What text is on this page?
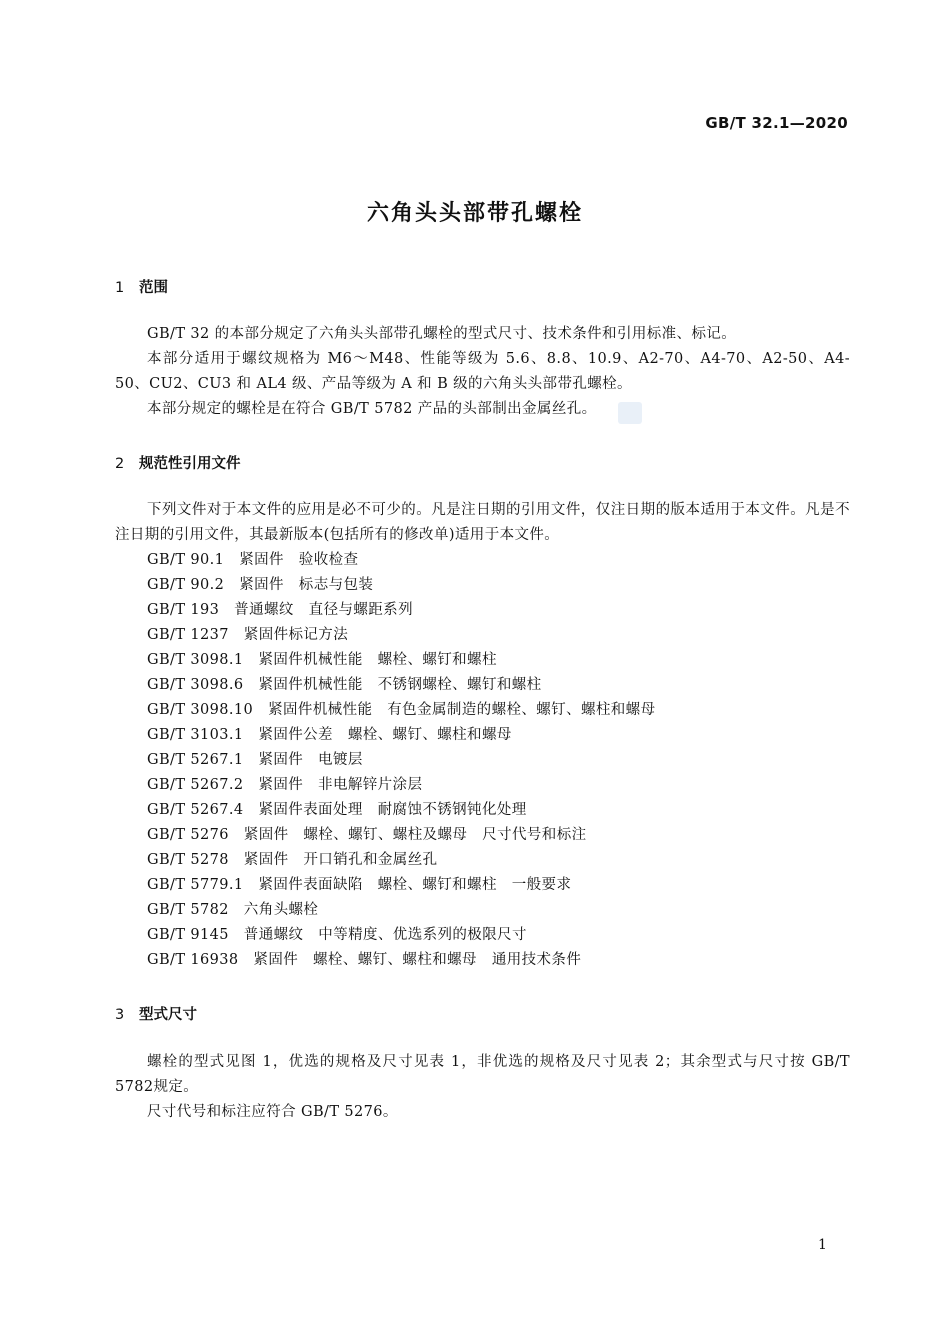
GB/T 32.1—2020
六角头头部带孔螺栓
1 范围
GB/T 32 的本部分规定了六角头头部带孔螺栓的型式尺寸、技术条件和引用标准、标记。
本部分适用于螺纹规格为 M6～M48、性能等级为 5.6、8.8、10.9、A2-70、A4-70、A2-50、A4-50、CU2、CU3 和 AL4 级、产品等级为 A 和 B 级的六角头头部带孔螺栓。
本部分规定的螺栓是在符合 GB/T 5782 产品的头部制出金属丝孔。
2 规范性引用文件
下列文件对于本文件的应用是必不可少的。凡是注日期的引用文件，仅注日期的版本适用于本文件。凡是不注日期的引用文件，其最新版本(包括所有的修改单)适用于本文件。
GB/T 90.1　紧固件　验收检查
GB/T 90.2　紧固件　标志与包装
GB/T 193　普通螺纹　直径与螺距系列
GB/T 1237　紧固件标记方法
GB/T 3098.1　紧固件机械性能　螺栓、螺钉和螺柱
GB/T 3098.6　紧固件机械性能　不锈钢螺栓、螺钉和螺柱
GB/T 3098.10　紧固件机械性能　有色金属制造的螺栓、螺钉、螺柱和螺母
GB/T 3103.1　紧固件公差　螺栓、螺钉、螺柱和螺母
GB/T 5267.1　紧固件　电镀层
GB/T 5267.2　紧固件　非电解锌片涂层
GB/T 5267.4　紧固件表面处理　耐腐蚀不锈钢钝化处理
GB/T 5276　紧固件　螺栓、螺钉、螺柱及螺母　尺寸代号和标注
GB/T 5278　紧固件　开口销孔和金属丝孔
GB/T 5779.1　紧固件表面缺陷　螺栓、螺钉和螺柱　一般要求
GB/T 5782　六角头螺栓
GB/T 9145　普通螺纹　中等精度、优选系列的极限尺寸
GB/T 16938　紧固件　螺栓、螺钉、螺柱和螺母　通用技术条件
3 型式尺寸
螺栓的型式见图 1，优选的规格及尺寸见表 1，非优选的规格及尺寸见表 2；其余型式与尺寸按 GB/T 5782规定。
尺寸代号和标注应符合 GB/T 5276。
1
